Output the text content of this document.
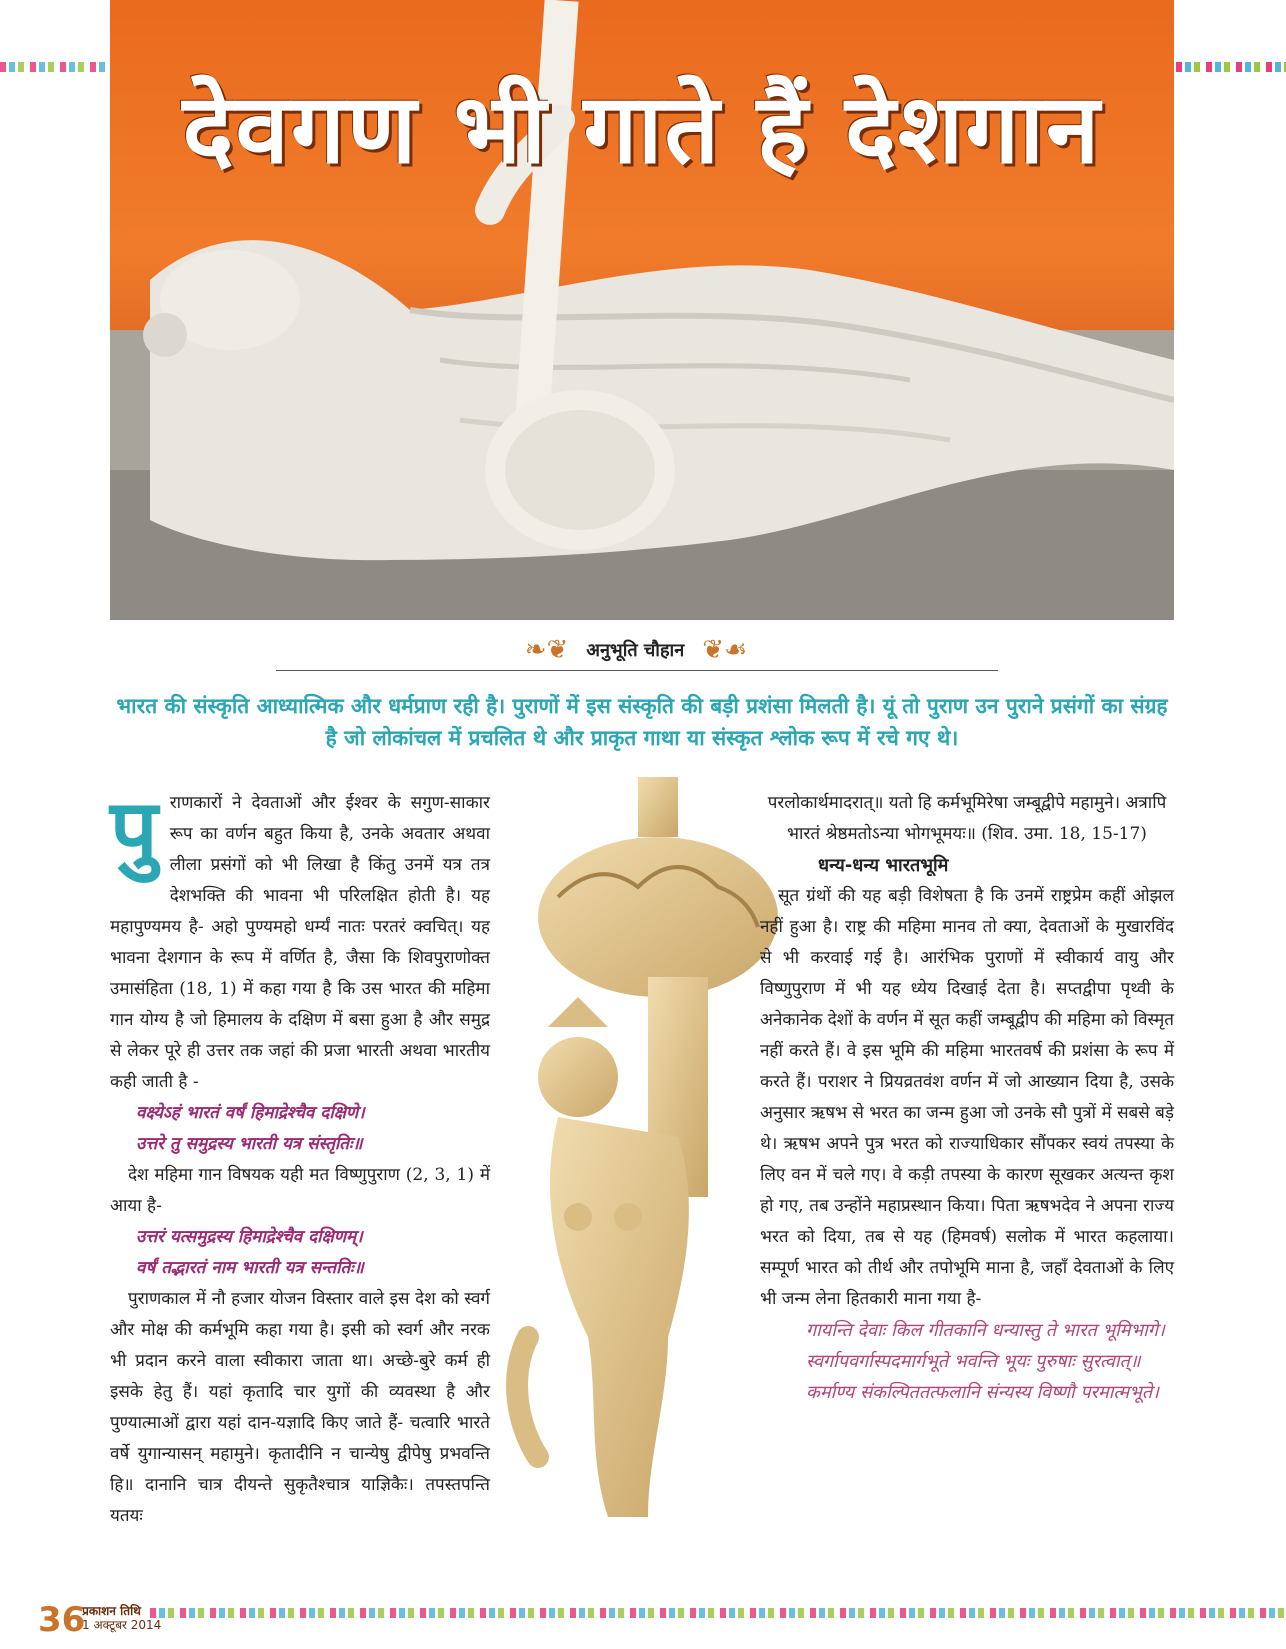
देवगण भी गाते हैं देशगान
❧❦ अनुभूति चौहान ❦☙
भारत की संस्कृति आध्यात्मिक और धर्मप्राण रही है। पुराणों में इस संस्कृति की बड़ी प्रशंसा मिलती है। यूं तो पुराण उन पुराने प्रसंगों का संग्रह है जो लोकांचल में प्रचलित थे और प्राकृत गाथा या संस्कृत श्लोक रूप में रचे गए थे।
पु राणकारों ने देवताओं और ईश्वर के सगुण-साकार रूप का वर्णन बहुत किया है, उनके अवतार अथवा लीला प्रसंगों को भी लिखा है किंतु उनमें यत्र तत्र देशभक्ति की भावना भी परिलक्षित होती है। यह महापुण्यमय है- अहो पुण्यमहो धर्म्यं नातः परतरं क्वचित्। यह भावना देशगान के रूप में वर्णित है, जैसा कि शिवपुराणोक्त उमासंहिता (18, 1) में कहा गया है कि उस भारत की महिमा गान योग्य है जो हिमालय के दक्षिण में बसा हुआ है और समुद्र से लेकर पूरे ही उत्तर तक जहां की प्रजा भारती अथवा भारतीय कही जाती है -

वक्ष्येऽहं भारतं वर्षं हिमाद्रेश्चैव दक्षिणे।

उत्तरे तु समुद्रस्य भारती यत्र संस्तृतिः॥

देश महिमा गान विषयक यही मत विष्णुपुराण (2, 3, 1) में आया है-

उत्तरं यत्समुद्रस्य हिमाद्रेश्चैव दक्षिणम्।

वर्षं तद्भारतं नाम भारती यत्र सन्ततिः॥

पुराणकाल में नौ हजार योजन विस्तार वाले इस देश को स्वर्ग और मोक्ष की कर्मभूमि कहा गया है। इसी को स्वर्ग और नरक भी प्रदान करने वाला स्वीकारा जाता था। अच्छे-बुरे कर्म ही इसके हेतु हैं। यहां कृतादि चार युगों की व्यवस्था है और पुण्यात्माओं द्वारा यहां दान-यज्ञादि किए जाते हैं- चत्वारि भारते वर्षे युगान्यासन् महामुने। कृतादीनि न चान्येषु द्वीपेषु प्रभवन्ति हि॥ दानानि चात्र दीयन्ते सुकृतैश्चात्र याज्ञिकैः। तपस्तपन्ति यतयः

परलोकार्थमादरात्॥ यतो हि कर्मभूमिरेषा जम्बूद्वीपे महामुने। अत्रापि भारतं श्रेष्ठमतोऽन्या भोगभूमयः॥ (शिव. उमा. 18, 15-17)

धन्य-धन्य भारतभूमि

सूत ग्रंथों की यह बड़ी विशेषता है कि उनमें राष्ट्रप्रेम कहीं ओझल नहीं हुआ है। राष्ट्र की महिमा मानव तो क्या, देवताओं के मुखारविंद से भी करवाई गई है। आरंभिक पुराणों में स्वीकार्य वायु और विष्णुपुराण में भी यह ध्येय दिखाई देता है। सप्तद्वीपा पृथ्वी के अनेकानेक देशों के वर्णन में सूत कहीं जम्बूद्वीप की महिमा को विस्मृत नहीं करते हैं। वे इस भूमि की महिमा भारतवर्ष की प्रशंसा के रूप में करते हैं। पराशर ने प्रियव्रतवंश वर्णन में जो आख्यान दिया है, उसके अनुसार ऋषभ से भरत का जन्म हुआ जो उनके सौ पुत्रों में सबसे बड़े थे। ऋषभ अपने पुत्र भरत को राज्याधिकार सौंपकर स्वयं तपस्या के लिए वन में चले गए। वे कड़ी तपस्या के कारण सूखकर अत्यन्त कृश हो गए, तब उन्होंने महाप्रस्थान किया। पिता ऋषभदेव ने अपना राज्य भरत को दिया, तब से यह (हिमवर्ष) सलोक में भारत कहलाया। सम्पूर्ण भारत को तीर्थ और तपोभूमि माना है, जहाँ देवताओं के लिए भी जन्म लेना हितकारी माना गया है-

गायन्ति देवाः किल गीतकानि धन्यास्तु ते भारत भूमिभागे।

स्वर्गापवर्गास्पदमार्गभूते भवन्ति भूयः पुरुषाः सुरत्वात्॥

कर्माण्य संकल्पिततत्फलानि संन्यस्य विष्णौ परमात्मभूते।

36
प्रकाशन तिथि
1 अक्टूबर 2014
